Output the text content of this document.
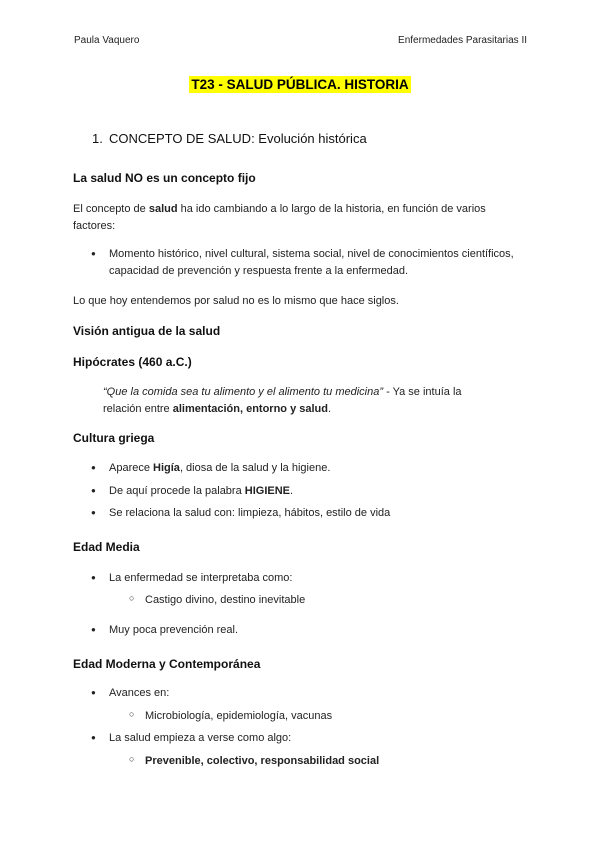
Paula Vaquero	Enfermedades Parasitarias II
T23 - SALUD PÚBLICA. HISTORIA
1. CONCEPTO DE SALUD: Evolución histórica
La salud NO es un concepto fijo
El concepto de salud ha ido cambiando a lo largo de la historia, en función de varios
factores:
● Momento histórico, nivel cultural, sistema social, nivel de conocimientos científicos,
capacidad de prevención y respuesta frente a la enfermedad.
Lo que hoy entendemos por salud no es lo mismo que hace siglos.
Visión antigua de la salud
Hipócrates (460 a.C.)
“Que la comida sea tu alimento y el alimento tu medicina” - Ya se intuía la
relación entre alimentación, entorno y salud.
Cultura griega
● Aparece Higía, diosa de la salud y la higiene.
● De aquí procede la palabra HIGIENE.
● Se relaciona la salud con: limpieza, hábitos, estilo de vida
Edad Media
● La enfermedad se interpretaba como:
○ Castigo divino, destino inevitable
● Muy poca prevención real.
Edad Moderna y Contemporánea
● Avances en:
○ Microbiología, epidemiología, vacunas
● La salud empieza a verse como algo:
○ Prevenible, colectivo, responsabilidad social
